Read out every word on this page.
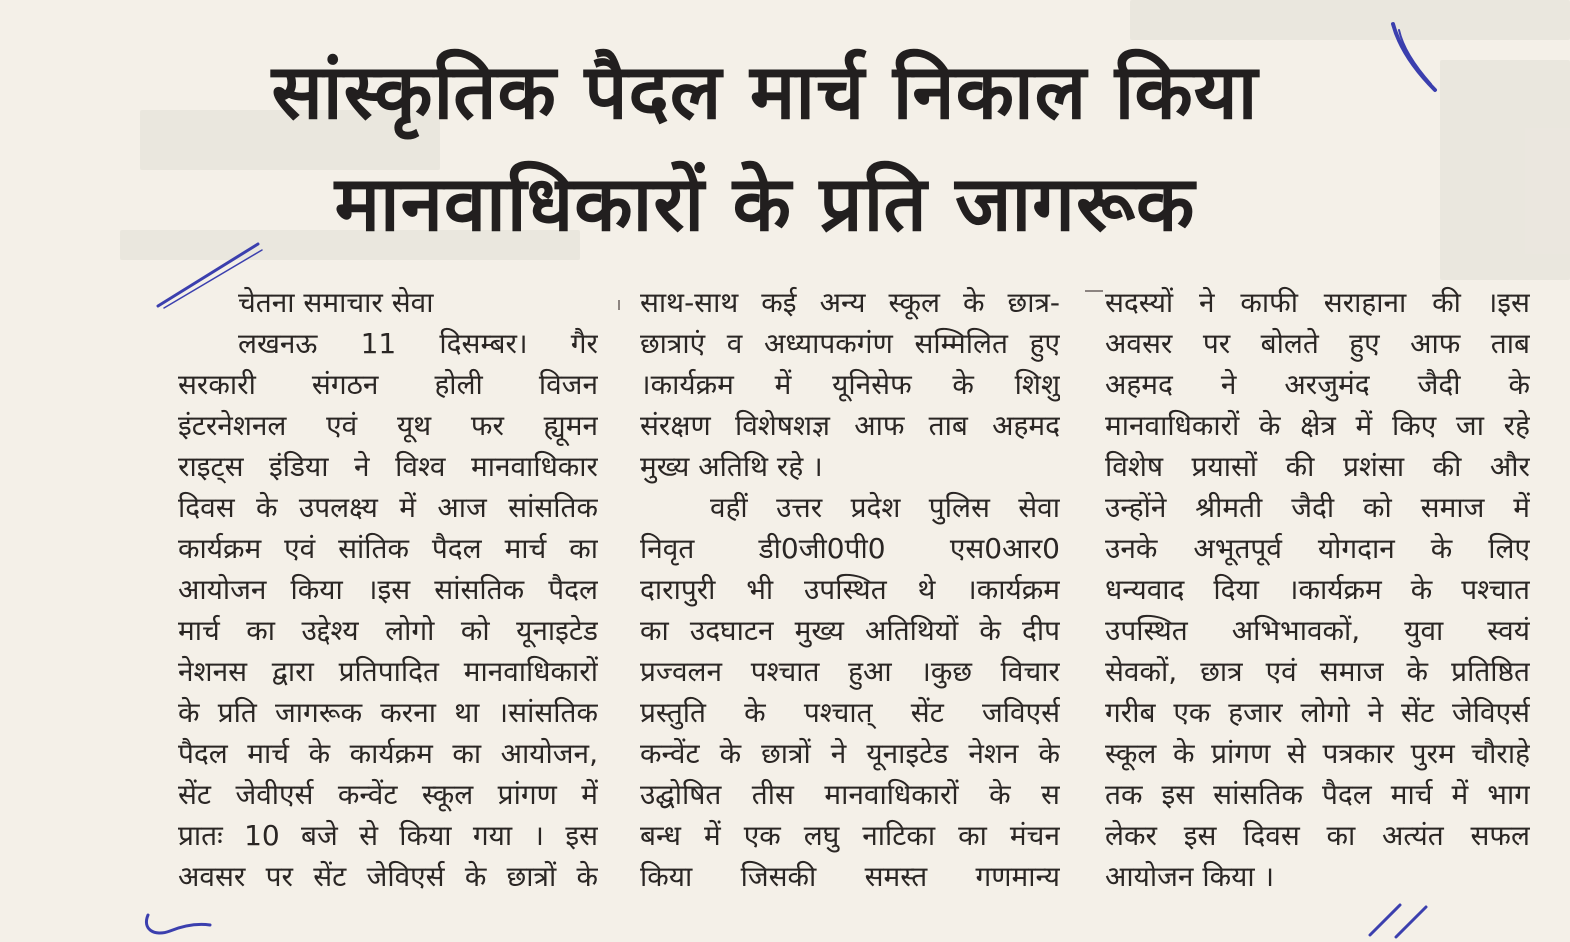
सांस्कृतिक पैदल मार्च निकाल किया
मानवाधिकारों के प्रति जागरूक
चेतना समाचार सेवा
लखनऊ 11 दिसम्बर। गैर
सरकारी संगठन होली विजन
इंटरनेशनल एवं यूथ फर ह्यूमन
राइट्स इंडिया ने विश्व मानवाधिकार
दिवस के उपलक्ष्य में आज सांसतिक
कार्यक्रम एवं सांतिक पैदल मार्च का
आयोजन किया ।इस सांसतिक पैदल
मार्च का उद्देश्य लोगो को यूनाइटेड
नेशनस द्वारा प्रतिपादित मानवाधिकारों
के प्रति जागरूक करना था ।सांसतिक
पैदल मार्च के कार्यक्रम का आयोजन,
सेंट जेवीएर्स कन्वेंट स्कूल प्रांगण में
प्रातः 10 बजे से किया गया । इस
अवसर पर सेंट जेविएर्स के छात्रों के
साथ-साथ कई अन्य स्कूल के छात्र-
छात्राएं व अध्यापकगंण सम्मिलित हुए
।कार्यक्रम में यूनिसेफ के शिशु
संरक्षण विशेषशज्ञ आफ ताब अहमद
मुख्य अतिथि रहे ।
वहीं उत्तर प्रदेश पुलिस सेवा
निवृत डी0जी0पी0 एस0आर0
दारापुरी भी उपस्थित थे ।कार्यक्रम
का उदघाटन मुख्य अतिथियों के दीप
प्रज्वलन पश्चात हुआ ।कुछ विचार
प्रस्तुति के पश्चात् सेंट जविएर्स
कन्वेंट के छात्रों ने यूनाइटेड नेशन के
उद्घोषित तीस मानवाधिकारों के स
बन्ध में एक लघु नाटिका का मंचन
किया जिसकी समस्त गणमान्य
सदस्यों ने काफी सराहाना की ।इस
अवसर पर बोलते हुए आफ ताब
अहमद ने अरजुमंद जैदी के
मानवाधिकारों के क्षेत्र में किए जा रहे
विशेष प्रयासों की प्रशंसा की और
उन्होंने श्रीमती जैदी को समाज में
उनके अभूतपूर्व योगदान के लिए
धन्यवाद दिया ।कार्यक्रम के पश्चात
उपस्थित अभिभावकों, युवा स्वयं
सेवकों, छात्र एवं समाज के प्रतिष्ठित
गरीब एक हजार लोगो ने सेंट जेविएर्स
स्कूल के प्रांगण से पत्रकार पुरम चौराहे
तक इस सांसतिक पैदल मार्च में भाग
लेकर इस दिवस का अत्यंत सफल
आयोजन किया ।
